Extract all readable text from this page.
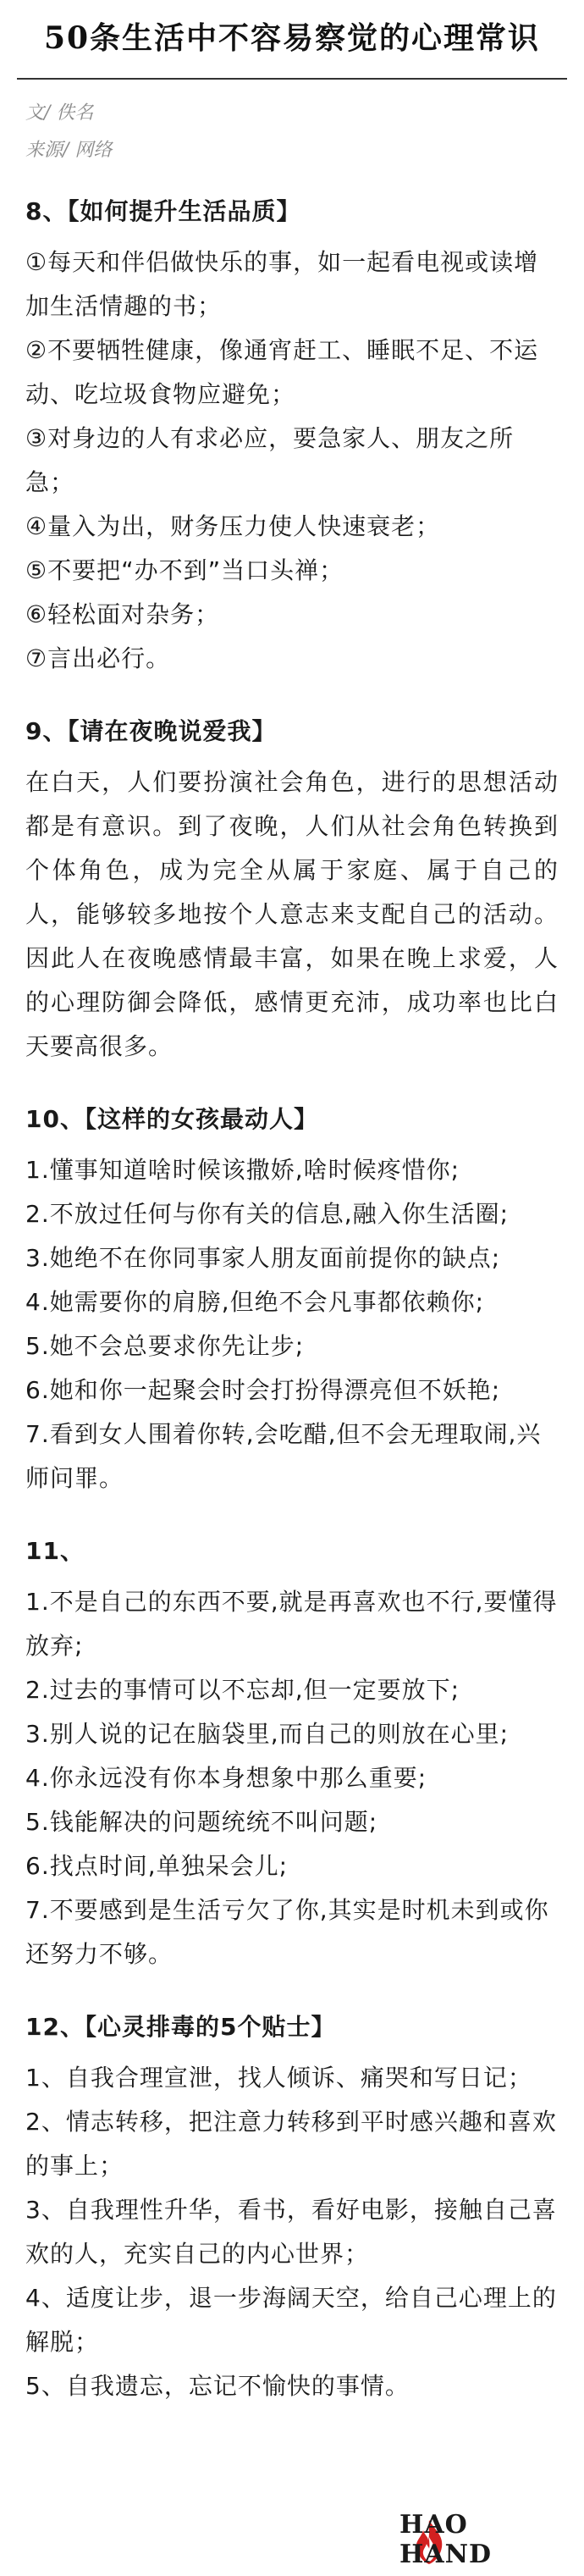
50条生活中不容易察觉的心理常识
文/ 佚名
来源/ 网络
8、【如何提升生活品质】
①每天和伴侣做快乐的事，如一起看电视或读增加生活情趣的书；
②不要牺牲健康，像通宵赶工、睡眠不足、不运动、吃垃圾食物应避免；
③对身边的人有求必应，要急家人、朋友之所急；
④量入为出，财务压力使人快速衰老；
⑤不要把“办不到”当口头禅；
⑥轻松面对杂务；
⑦言出必行。
9、【请在夜晚说爱我】

在白天，人们要扮演社会角色，进行的思想活动都是有意识。到了夜晚，人们从社会角色转换到个体角色，成为完全从属于家庭、属于自己的人，能够较多地按个人意志来支配自己的活动。因此人在夜晚感情最丰富，如果在晚上求爱，人的心理防御会降低，感情更充沛，成功率也比白天要高很多。

10、【这样的女孩最动人】
1.懂事知道啥时候该撒娇,啥时候疼惜你;
2.不放过任何与你有关的信息,融入你生活圈;
3.她绝不在你同事家人朋友面前提你的缺点;
4.她需要你的肩膀,但绝不会凡事都依赖你;
5.她不会总要求你先让步;
6.她和你一起聚会时会打扮得漂亮但不妖艳;
7.看到女人围着你转,会吃醋,但不会无理取闹,兴师问罪。
11、
1.不是自己的东西不要,就是再喜欢也不行,要懂得放弃;
2.过去的事情可以不忘却,但一定要放下;
3.别人说的记在脑袋里,而自己的则放在心里;
4.你永远没有你本身想象中那么重要;
5.钱能解决的问题统统不叫问题;
6.找点时间,单独呆会儿;
7.不要感到是生活亏欠了你,其实是时机未到或你还努力不够。
12、【心灵排毒的5个贴士】
1、自我合理宣泄，找人倾诉、痛哭和写日记；
2、情志转移，把注意力转移到平时感兴趣和喜欢的事上；
3、自我理性升华，看书，看好电影，接触自己喜欢的人，充实自己的内心世界；
4、适度让步，退一步海阔天空，给自己心理上的解脱；
5、自我遗忘，忘记不愉快的事情。
HAO HAND
